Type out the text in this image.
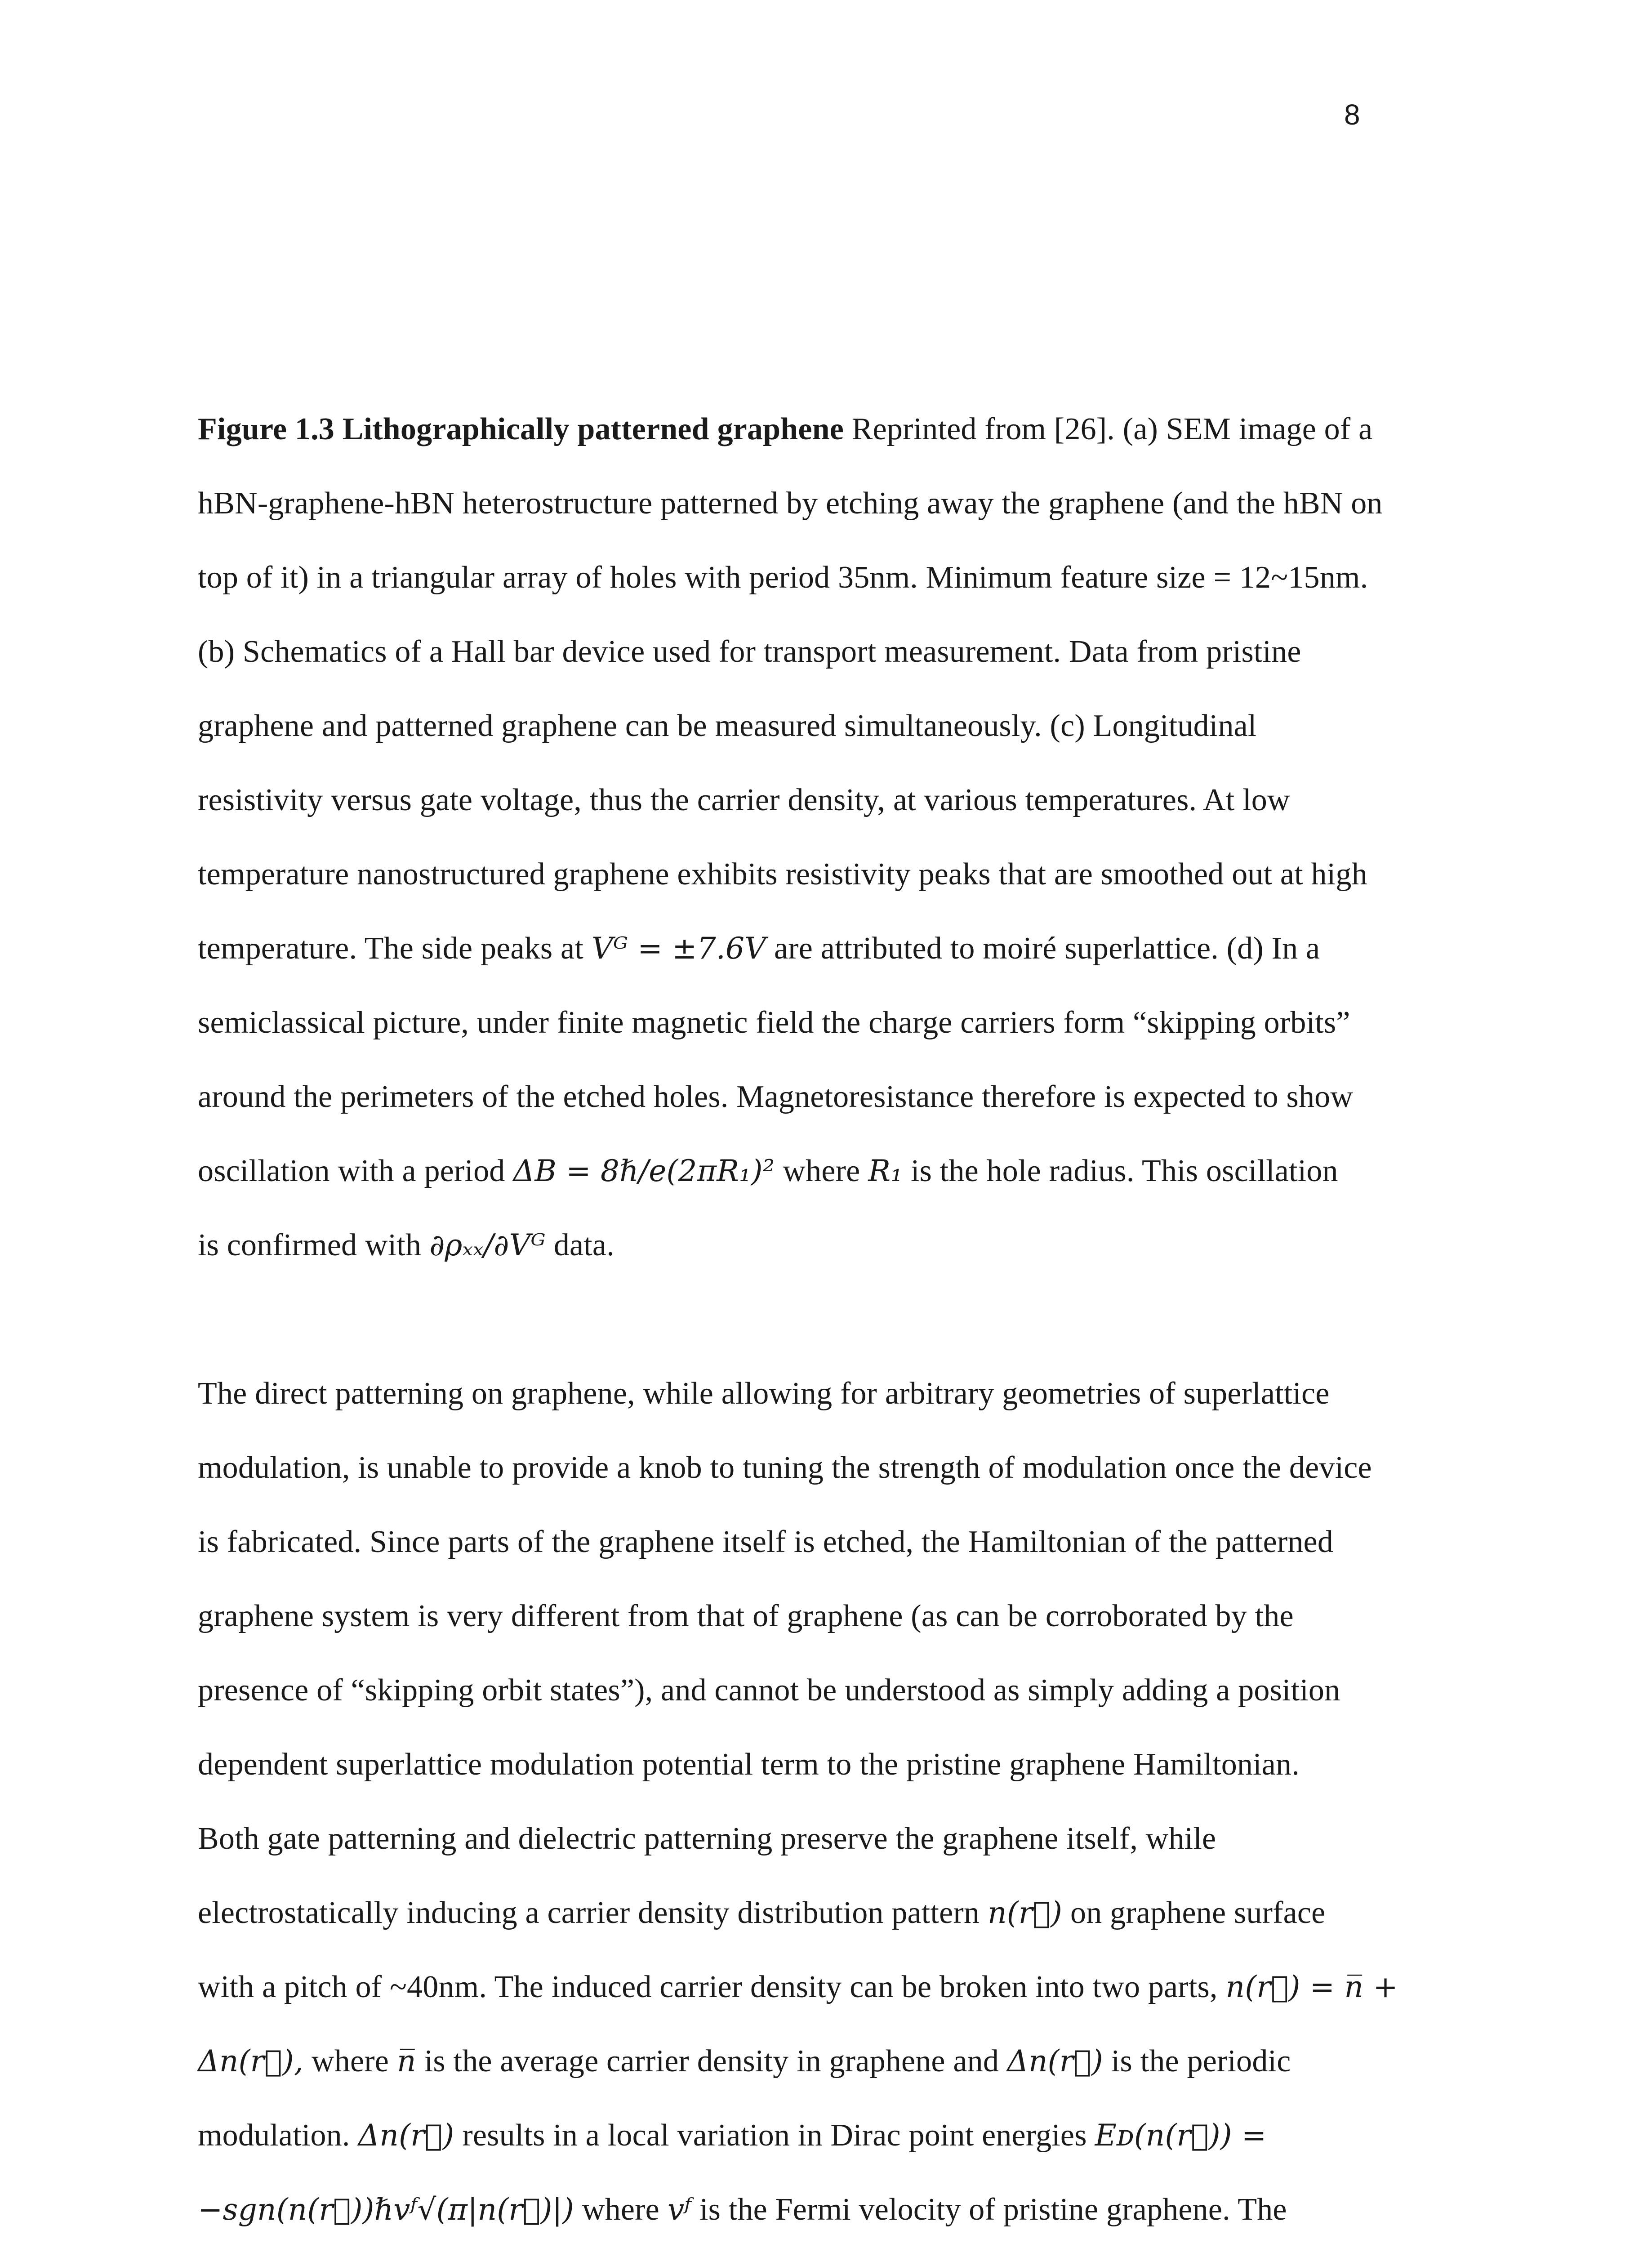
8

Figure 1.3 Lithographically patterned graphene Reprinted from [26]. (a) SEM image of a

hBN-graphene-hBN heterostructure patterned by etching away the graphene (and the hBN on

top of it) in a triangular array of holes with period 35nm. Minimum feature size = 12~15nm.

(b) Schematics of a Hall bar device used for transport measurement. Data from pristine

graphene and patterned graphene can be measured simultaneously. (c) Longitudinal

resistivity versus gate voltage, thus the carrier density, at various temperatures. At low

temperature nanostructured graphene exhibits resistivity peaks that are smoothed out at high

temperature. The side peaks at Vᴳ = ±7.6V are attributed to moiré superlattice. (d) In a

semiclassical picture, under finite magnetic field the charge carriers form “skipping orbits”

around the perimeters of the etched holes. Magnetoresistance therefore is expected to show

oscillation with a period ΔB = 8ℏ/e(2πR₁)² where R₁ is the hole radius. This oscillation

is confirmed with ∂ρₓₓ/∂Vᴳ data.

The direct patterning on graphene, while allowing for arbitrary geometries of superlattice

modulation, is unable to provide a knob to tuning the strength of modulation once the device

is fabricated. Since parts of the graphene itself is etched, the Hamiltonian of the patterned

graphene system is very different from that of graphene (as can be corroborated by the

presence of “skipping orbit states”), and cannot be understood as simply adding a position

dependent superlattice modulation potential term to the pristine graphene Hamiltonian.

Both gate patterning and dielectric patterning preserve the graphene itself, while

electrostatically inducing a carrier density distribution pattern n(r⃗) on graphene surface

with a pitch of ~40nm. The induced carrier density can be broken into two parts, n(r⃗) = n̅ +

Δn(r⃗), where n̅ is the average carrier density in graphene and Δn(r⃗) is the periodic

modulation. Δn(r⃗) results in a local variation in Dirac point energies Eᴅ(n(r⃗)) =

−sgn(n(r⃗))ℏvᶠ√(π|n(r⃗)|) where vᶠ is the Fermi velocity of pristine graphene. The
